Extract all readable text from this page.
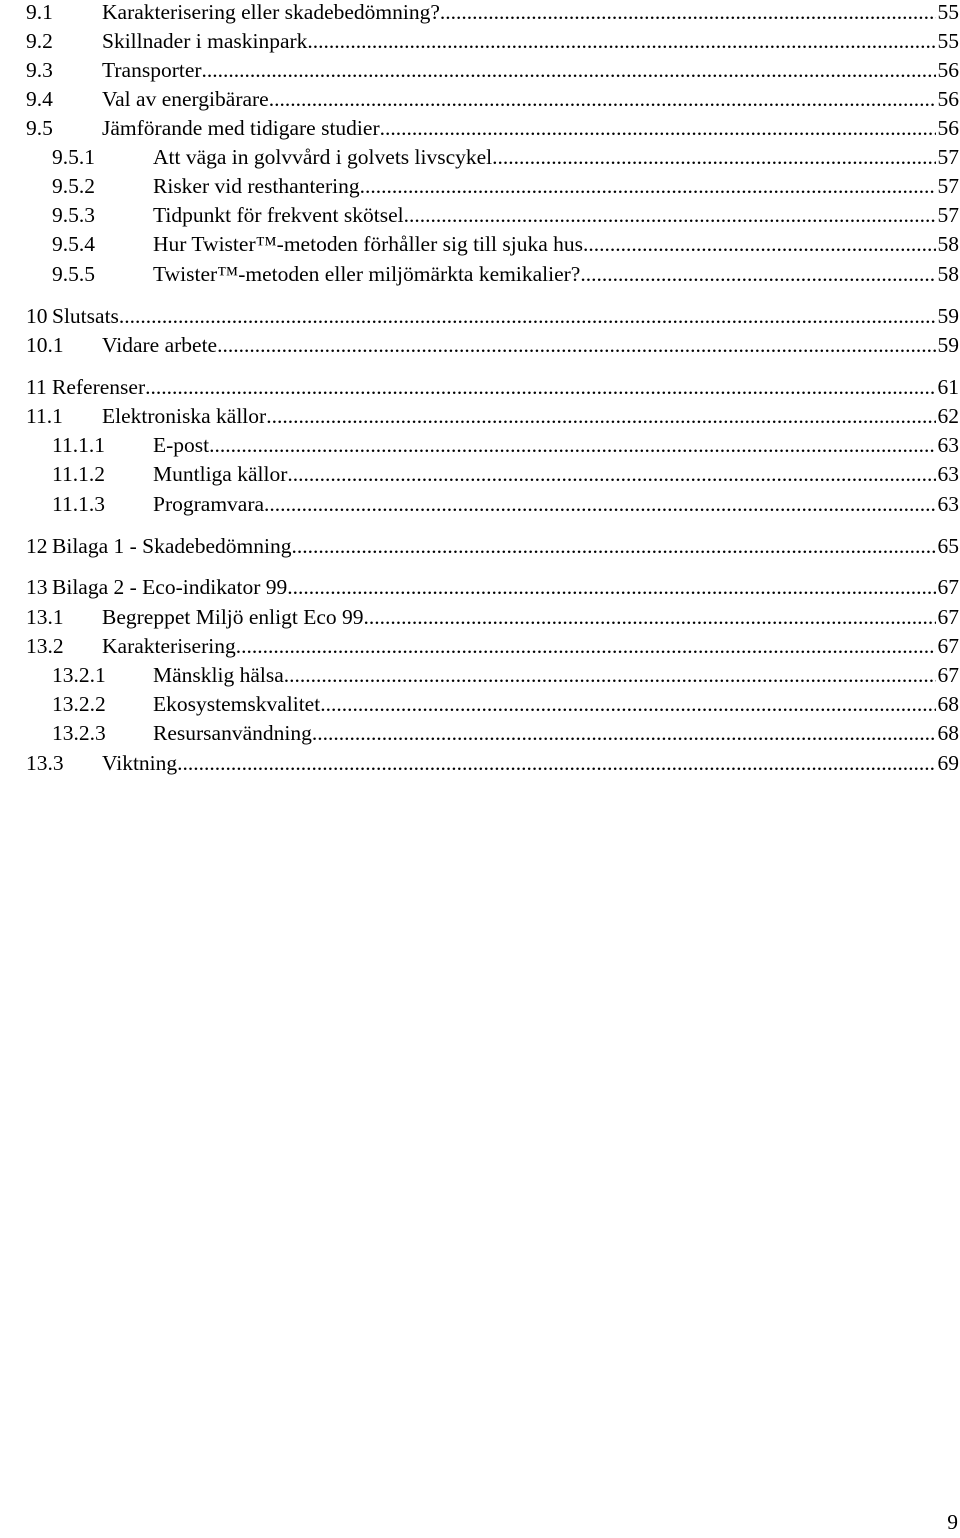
9.1 Karakterisering eller skadebedömning? .....	55
9.2 Skillnader i maskinpark .....	55
9.3 Transporter .....	56
9.4 Val av energibärare .....	56
9.5 Jämförande med tidigare studier .....	56
9.5.1	Att väga in golvvård i golvets livscykel .....	57
9.5.2	Risker vid resthantering .....	57
9.5.3	Tidpunkt för frekvent skötsel .....	57
9.5.4	Hur Twister™-metoden förhåller sig till sjuka hus .....	58
9.5.5	Twister™-metoden eller miljömärkta kemikalier? .....	58
10 Slutsats .....	59
10.1 Vidare arbete .....	59
11 Referenser .....	61
11.1 Elektroniska källor .....	62
11.1.1 E-post .....	63
11.1.2 Muntliga källor .....	63
11.1.3 Programvara .....	63
12 Bilaga 1 - Skadebedömning .....	65
13 Bilaga 2 - Eco-indikator 99 .....	67
13.1 Begreppet Miljö enligt Eco 99 .....	67
13.2 Karakterisering .....	67
13.2.1 Mänsklig hälsa .....	67
13.2.2 Ekosystemskvalitet .....	68
13.2.3 Resursanvändning .....	68
13.3 Viktning .....	69
9
